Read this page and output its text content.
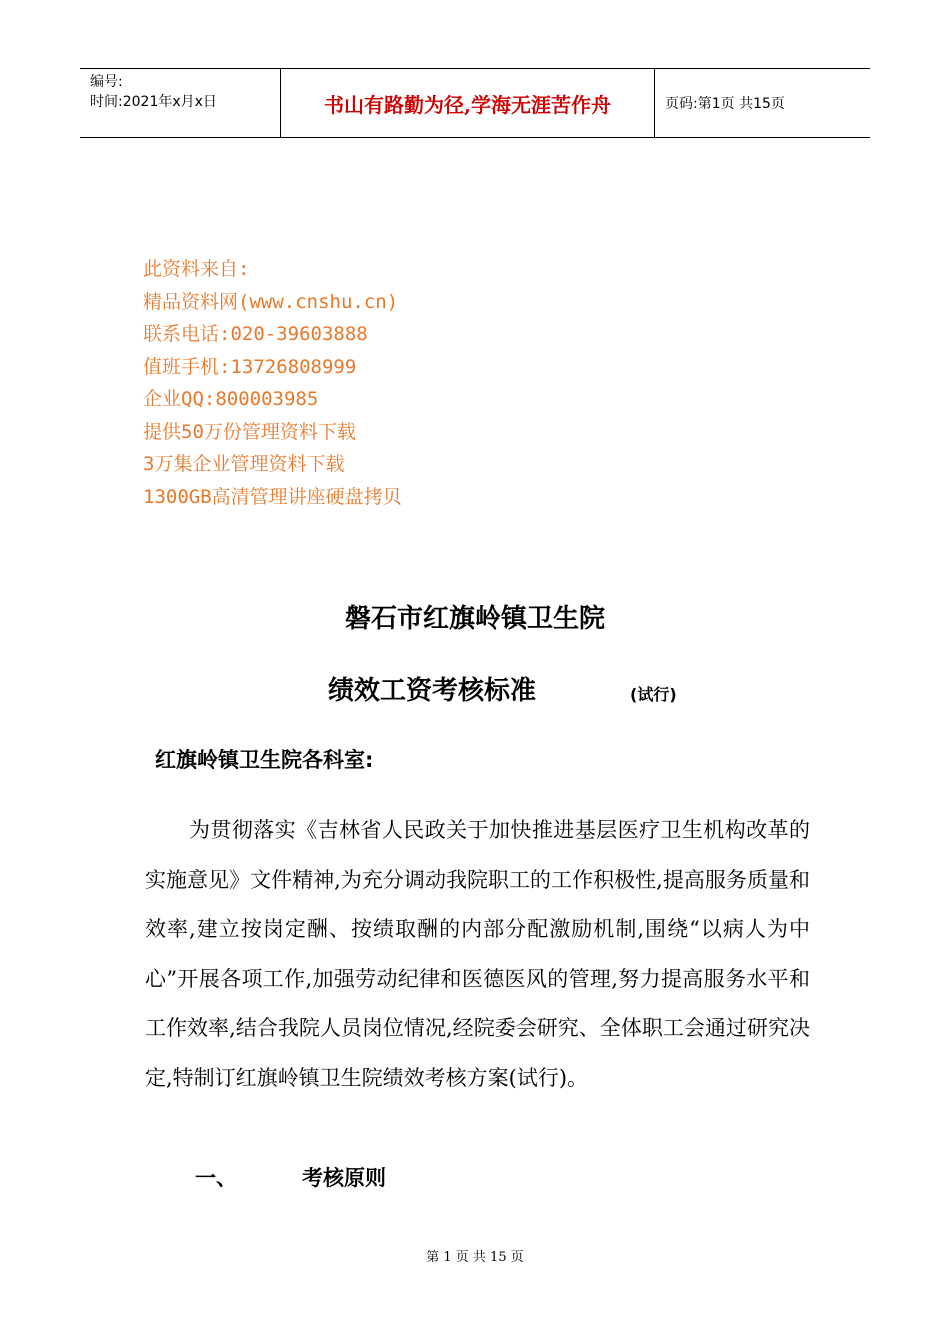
编号:
时间:2021年x月x日	书山有路勤为径,学海无涯苦作舟	页码:第1页 共15页
此资料来自:
精品资料网(www.cnshu.cn)
联系电话:020-39603888
值班手机:13726808999
企业QQ:800003985
提供50万份管理资料下载
3万集企业管理资料下载
1300GB高清管理讲座硬盘拷贝
磐石市红旗岭镇卫生院
绩效工资考核标准	(试行)
红旗岭镇卫生院各科室:

为贯彻落实《吉林省人民政关于加快推进基层医疗卫生机构改革的实施意见》文件精神,为充分调动我院职工的工作积极性,提高服务质量和效率,建立按岗定酬、按绩取酬的内部分配激励机制,围绕“以病人为中心”开展各项工作,加强劳动纪律和医德医风的管理,努力提高服务水平和工作效率,结合我院人员岗位情况,经院委会研究、全体职工会通过研究决定,特制订红旗岭镇卫生院绩效考核方案(试行)。

一、	考核原则
第 1 页 共 15 页
